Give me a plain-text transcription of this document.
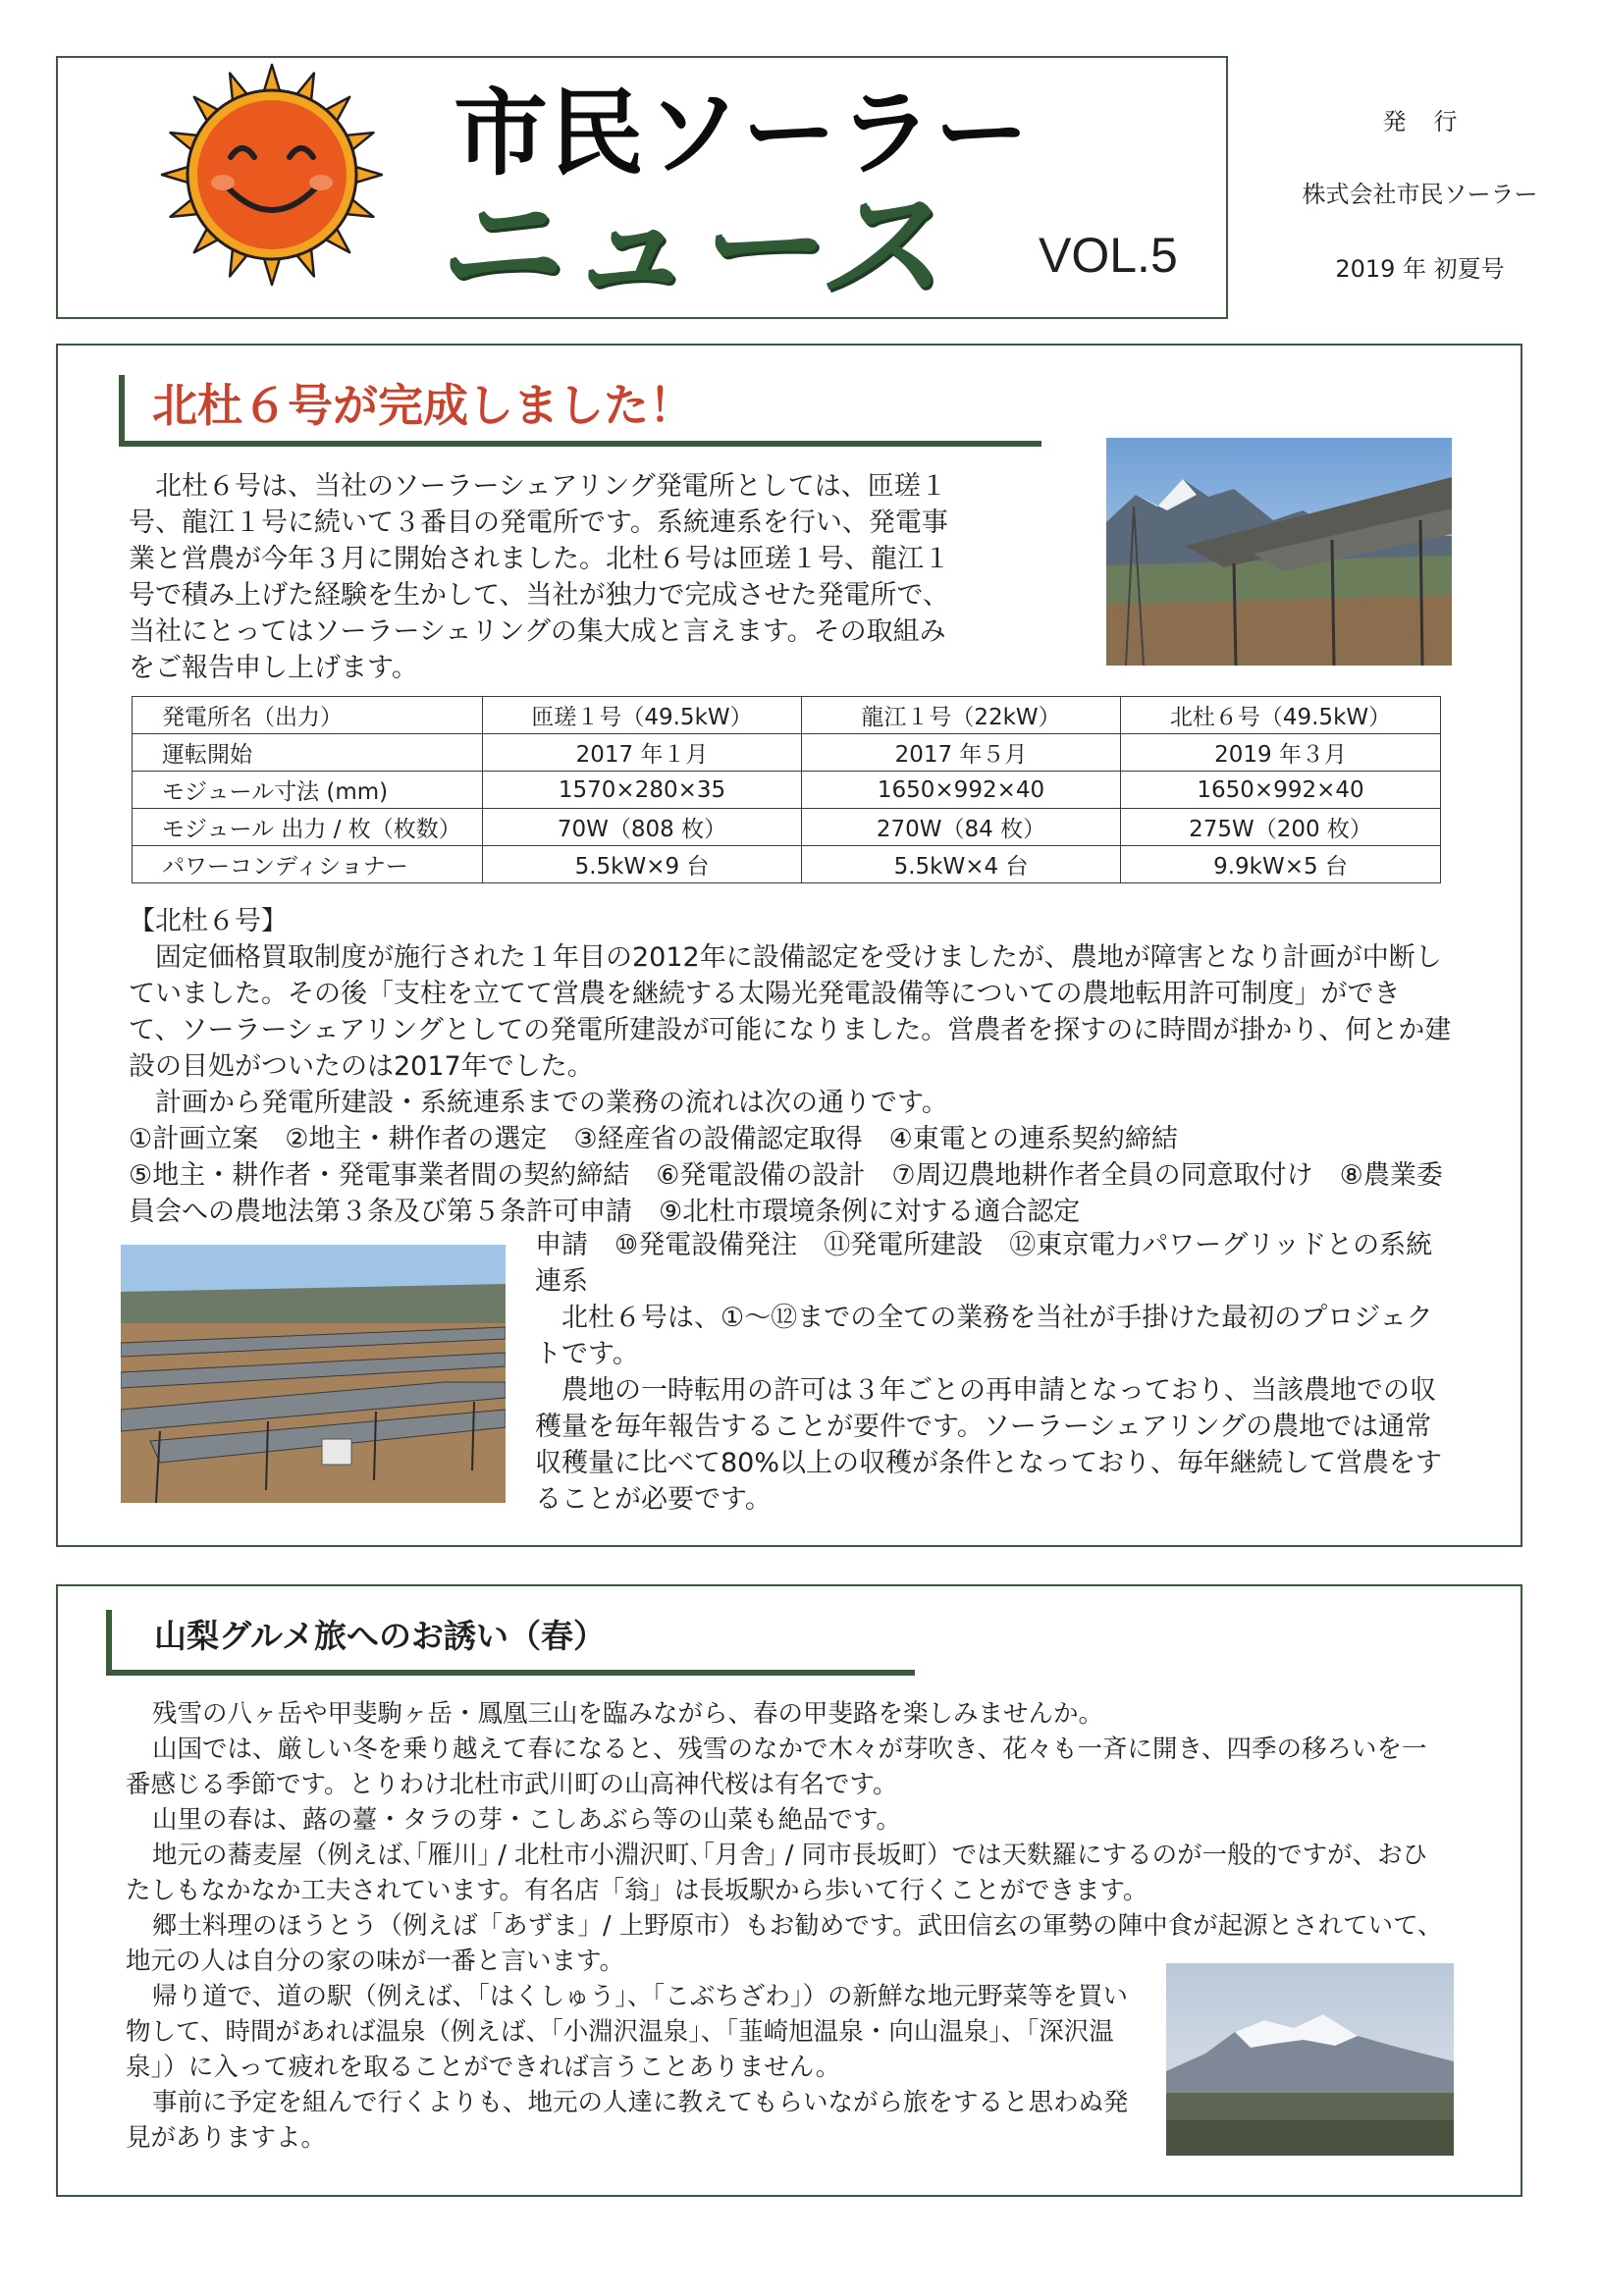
市民ソーラー
ニュース VOL.5
発行
株式会社市民ソーラー
2019 年 初夏号
北杜６号が完成しました！

北杜６号は、当社のソーラーシェアリング発電所としては、匝瑳１

号、龍江１号に続いて３番目の発電所です。系統連系を行い、発電事

業と営農が今年３月に開始されました。北杜６号は匝瑳１号、龍江１

号で積み上げた経験を生かして、当社が独力で完成させた発電所で、

当社にとってはソーラーシェリングの集大成と言えます。その取組み

をご報告申し上げます。

発電所名（出力）	匝瑳１号（49.5kW）	龍江１号（22kW）	北杜６号（49.5kW）
運転開始	2017 年１月	2017 年５月	2019 年３月
モジュール寸法 (mm)	1570×280×35	1650×992×40	1650×992×40
モジュール 出力 / 枚（枚数）	70W（808 枚）	270W（84 枚）	275W（200 枚）
パワーコンディショナー	5.5kW×9 台	5.5kW×4 台	9.9kW×5 台

【北杜６号】

固定価格買取制度が施行された１年目の2012年に設備認定を受けましたが、農地が障害となり計画が中断していました。その後「支柱を立てて営農を継続する太陽光発電設備等についての農地転用許可制度」ができて、ソーラーシェアリングとしての発電所建設が可能になりました。営農者を探すのに時間が掛かり、何とか建設の目処がついたのは2017年でした。

計画から発電所建設・系統連系までの業務の流れは次の通りです。

①計画立案　②地主・耕作者の選定　③経産省の設備認定取得　④東電との連系契約締結

⑤地主・耕作者・発電事業者間の契約締結　⑥発電設備の設計　⑦周辺農地耕作者全員の同意取付け　⑧農業委員会への農地法第３条及び第５条許可申請　⑨北杜市環境条例に対する適合認定

申請　⑩発電設備発注　⑪発電所建設　⑫東京電力パワーグリッドとの系統連系

北杜６号は、①～⑫までの全ての業務を当社が手掛けた最初のプロジェクトです。

農地の一時転用の許可は３年ごとの再申請となっており、当該農地での収穫量を毎年報告することが要件です。ソーラーシェアリングの農地では通常収穫量に比べて80%以上の収穫が条件となっており、毎年継続して営農をすることが必要です。

山梨グルメ旅へのお誘い（春）

残雪の八ヶ岳や甲斐駒ヶ岳・鳳凰三山を臨みながら、春の甲斐路を楽しみませんか。

山国では、厳しい冬を乗り越えて春になると、残雪のなかで木々が芽吹き、花々も一斉に開き、四季の移ろいを一番感じる季節です。とりわけ北杜市武川町の山高神代桜は有名です。

山里の春は、蕗の薹・タラの芽・こしあぶら等の山菜も絶品です。

地元の蕎麦屋（例えば､｢雁川｣ / 北杜市小淵沢町､｢月舎｣ / 同市長坂町）では天麩羅にするのが一般的ですが、おひたしもなかなか工夫されています。有名店「翁」は長坂駅から歩いて行くことができます。

郷土料理のほうとう（例えば「あずま」/ 上野原市）もお勧めです。武田信玄の軍勢の陣中食が起源とされていて、地元の人は自分の家の味が一番と言います。

帰り道で、道の駅（例えば、「はくしゅう」、「こぶちざわ」）の新鮮な地元野菜等を買い物して、時間があれば温泉（例えば、「小淵沢温泉」、「韮崎旭温泉・向山温泉」、「深沢温泉」）に入って疲れを取ることができれば言うことありません。

事前に予定を組んで行くよりも、地元の人達に教えてもらいながら旅をすると思わぬ発見がありますよ。
